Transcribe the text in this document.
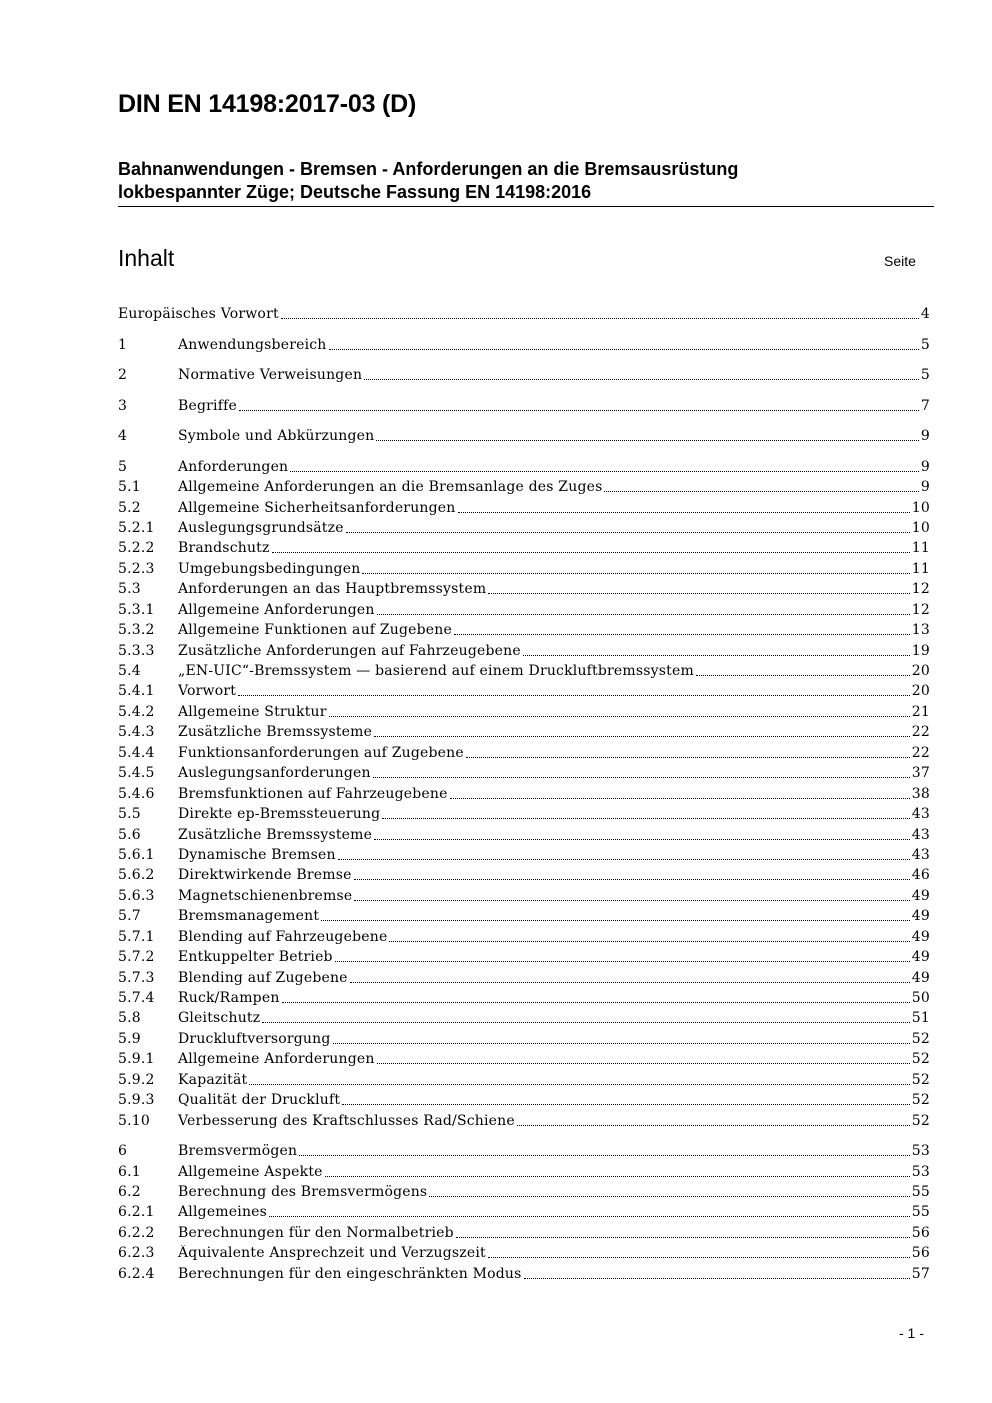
DIN EN 14198:2017-03 (D)
Bahnanwendungen - Bremsen - Anforderungen an die Bremsausrüstung
lokbespannter Züge; Deutsche Fassung EN 14198:2016
Inhalt	Seite
Europäisches Vorwort	4
1	Anwendungsbereich	5
2	Normative Verweisungen	5
3	Begriffe	7
4	Symbole und Abkürzungen	9
5	Anforderungen	9
5.1	Allgemeine Anforderungen an die Bremsanlage des Zuges	9
5.2	Allgemeine Sicherheitsanforderungen	10
5.2.1	Auslegungsgrundsätze	10
5.2.2	Brandschutz	11
5.2.3	Umgebungsbedingungen	11
5.3	Anforderungen an das Hauptbremssystem	12
5.3.1	Allgemeine Anforderungen	12
5.3.2	Allgemeine Funktionen auf Zugebene	13
5.3.3	Zusätzliche Anforderungen auf Fahrzeugebene	19
5.4	„EN-UIC“-Bremssystem — basierend auf einem Druckluftbremssystem	20
5.4.1	Vorwort	20
5.4.2	Allgemeine Struktur	21
5.4.3	Zusätzliche Bremssysteme	22
5.4.4	Funktionsanforderungen auf Zugebene	22
5.4.5	Auslegungsanforderungen	37
5.4.6	Bremsfunktionen auf Fahrzeugebene	38
5.5	Direkte ep-Bremssteuerung	43
5.6	Zusätzliche Bremssysteme	43
5.6.1	Dynamische Bremsen	43
5.6.2	Direktwirkende Bremse	46
5.6.3	Magnetschienenbremse	49
5.7	Bremsmanagement	49
5.7.1	Blending auf Fahrzeugebene	49
5.7.2	Entkuppelter Betrieb	49
5.7.3	Blending auf Zugebene	49
5.7.4	Ruck/Rampen	50
5.8	Gleitschutz	51
5.9	Druckluftversorgung	52
5.9.1	Allgemeine Anforderungen	52
5.9.2	Kapazität	52
5.9.3	Qualität der Druckluft	52
5.10	Verbesserung des Kraftschlusses Rad/Schiene	52
6	Bremsvermögen	53
6.1	Allgemeine Aspekte	53
6.2	Berechnung des Bremsvermögens	55
6.2.1	Allgemeines	55
6.2.2	Berechnungen für den Normalbetrieb	56
6.2.3	Äquivalente Ansprechzeit und Verzugszeit	56
6.2.4	Berechnungen für den eingeschränkten Modus	57
- 1 -
